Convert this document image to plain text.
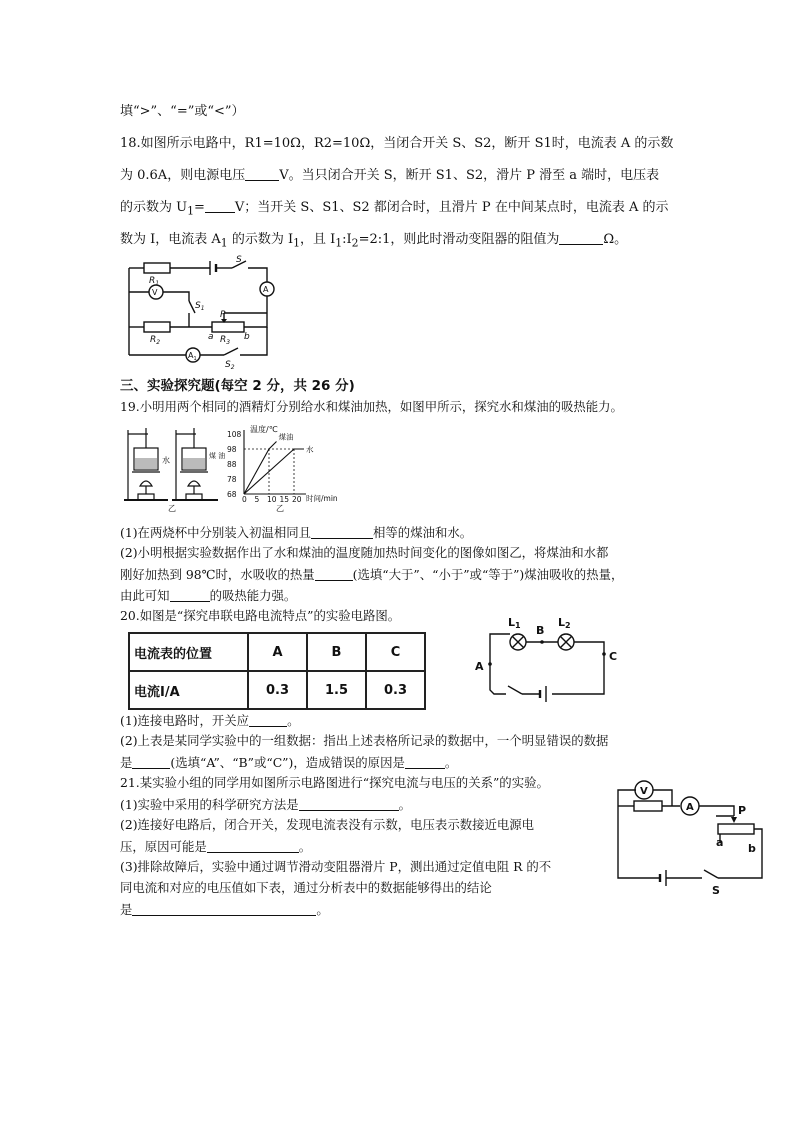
填“>”、“=”或“<”）
18.如图所示电路中，R1=10Ω，R2=10Ω，当闭合开关 S、S2，断开 S1时，电流表 A 的示数
为 0.6A，则电源电压	V。当只闭合开关 S，断开 S1、S2，滑片 P 滑至 a 端时，电压表
的示数为 $U_1= V$；当开关 S、S1、S2 都闭合时，且滑片 P 在中间某点时，电流表 A 的示
数为 I，电流表 $A_1$ 的示数为 $I_1$，且 $I_1:I_2=2:1$，则此时滑动变阻器的阻值为	Ω。
$R_1$
V	A
S
$S_1$
$R_2$
P
a $R_3$
b
$A_1$
$S_2$
三、实验探究题(每空 2 分，共 26 分)
19.小明用两个相同的酒精灯分别给水和煤油加热，如图甲所示，探究水和煤油的吸热能力。
水	煤 油
乙
煤油
水
68
78
88
98
108
0 5 10 15 20
温度/℃
时间/min
乙
(1)在两烧杯中分别装入初温相同且	相等的煤油和水。
(2)小明根据实验数据作出了水和煤油的温度随加热时间变化的图像如图乙，将煤油和水都
刚好加热到 98℃时，水吸收的热量	(选填“大于”、“小于”或“等于”)煤油吸收的热量，
由此可知	的吸热能力强。
20.如图是“探究串联电路电流特点”的实验电路图。
电流表的位置	A	B	C
电流I/A	0.3	1.5	0.3
L1	L2
B
C
A
(1)连接电路时，开关应	。
(2)上表是某同学实验中的一组数据：指出上述表格所记录的数据中，一个明显错误的数据
是	(选填“A”、“B”或“C”)，造成错误的原因是	。
21.某实验小组的同学用如图所示电路图进行“探究电流与电压的关系”的实验。
(1)实验中采用的科学研究方法是	。
(2)连接好电路后，闭合开关，发现电流表没有示数，电压表示数接近电源电
压，原因可能是	。
(3)排除故障后，实验中通过调节滑动变阻器滑片 P，测出通过定值电阻 R 的不
同电流和对应的电压值如下表，通过分析表中的数据能够得出的结论
是	。
V
A	P
a b
S
